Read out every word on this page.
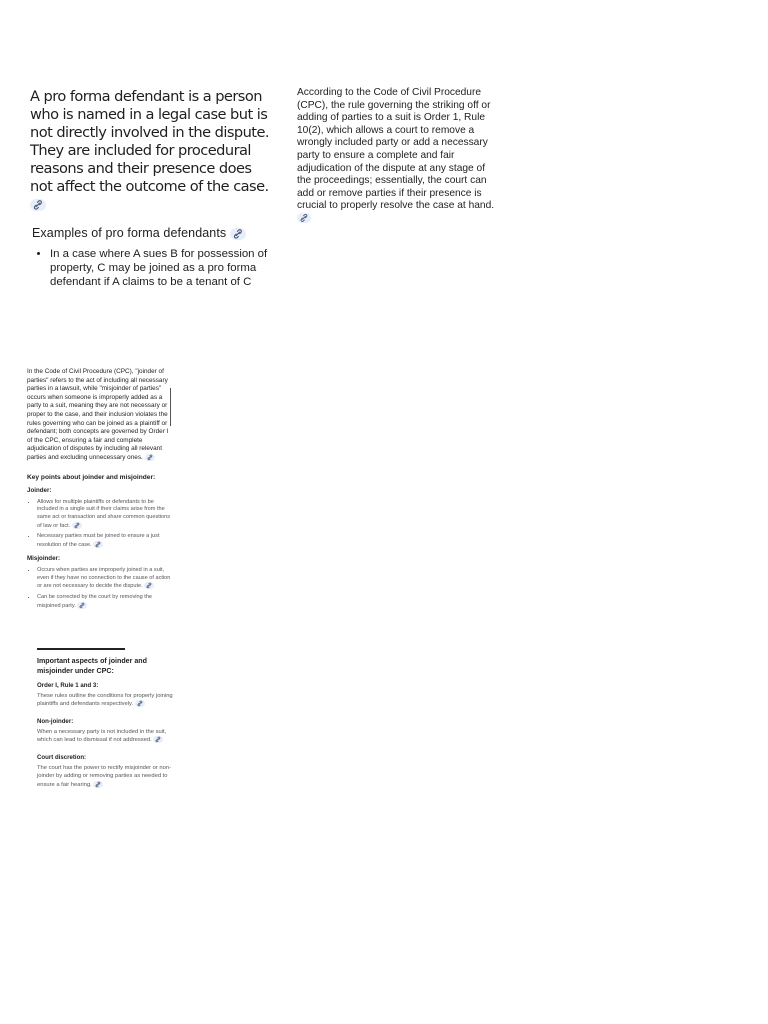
A pro forma defendant is a person who is named in a legal case but is not directly involved in the dispute. They are included for procedural reasons and their presence does not affect the outcome of the case.

Examples of pro forma defendants
• In a case where A sues B for possession of property, C may be joined as a pro forma defendant if A claims to be a tenant of C

According to the Code of Civil Procedure (CPC), the rule governing the striking off or adding of parties to a suit is Order 1, Rule 10(2), which allows a court to remove a wrongly included party or add a necessary party to ensure a complete and fair adjudication of the dispute at any stage of the proceedings; essentially, the court can add or remove parties if their presence is crucial to properly resolve the case at hand.

In the Code of Civil Procedure (CPC), "joinder of parties" refers to the act of including all necessary parties in a lawsuit, while "misjoinder of parties" occurs when someone is improperly added as a party to a suit, meaning they are not necessary or proper to the case, and their inclusion violates the rules governing who can be joined as a plaintiff or defendant; both concepts are governed by Order I of the CPC, ensuring a fair and complete adjudication of disputes by including all relevant parties and excluding unnecessary ones.

Key points about joinder and misjoinder:

Joinder:

• Allows for multiple plaintiffs or defendants to be included in a single suit if their claims arise from the same act or transaction and share common questions of law or fact.
• Necessary parties must be joined to ensure a just resolution of the case.

Misjoinder:

• Occurs when parties are improperly joined in a suit, even if they have no connection to the cause of action or are not necessary to decide the dispute.
• Can be corrected by the court by removing the misjoined party.
Important aspects of joinder and misjoinder under CPC:
Order I, Rule 1 and 3:

These rules outline the conditions for properly joining plaintiffs and defendants respectively.

Non-joinder:

When a necessary party is not included in the suit, which can lead to dismissal if not addressed.

Court discretion:

The court has the power to rectify misjoinder or non-joinder by adding or removing parties as needed to ensure a fair hearing.
